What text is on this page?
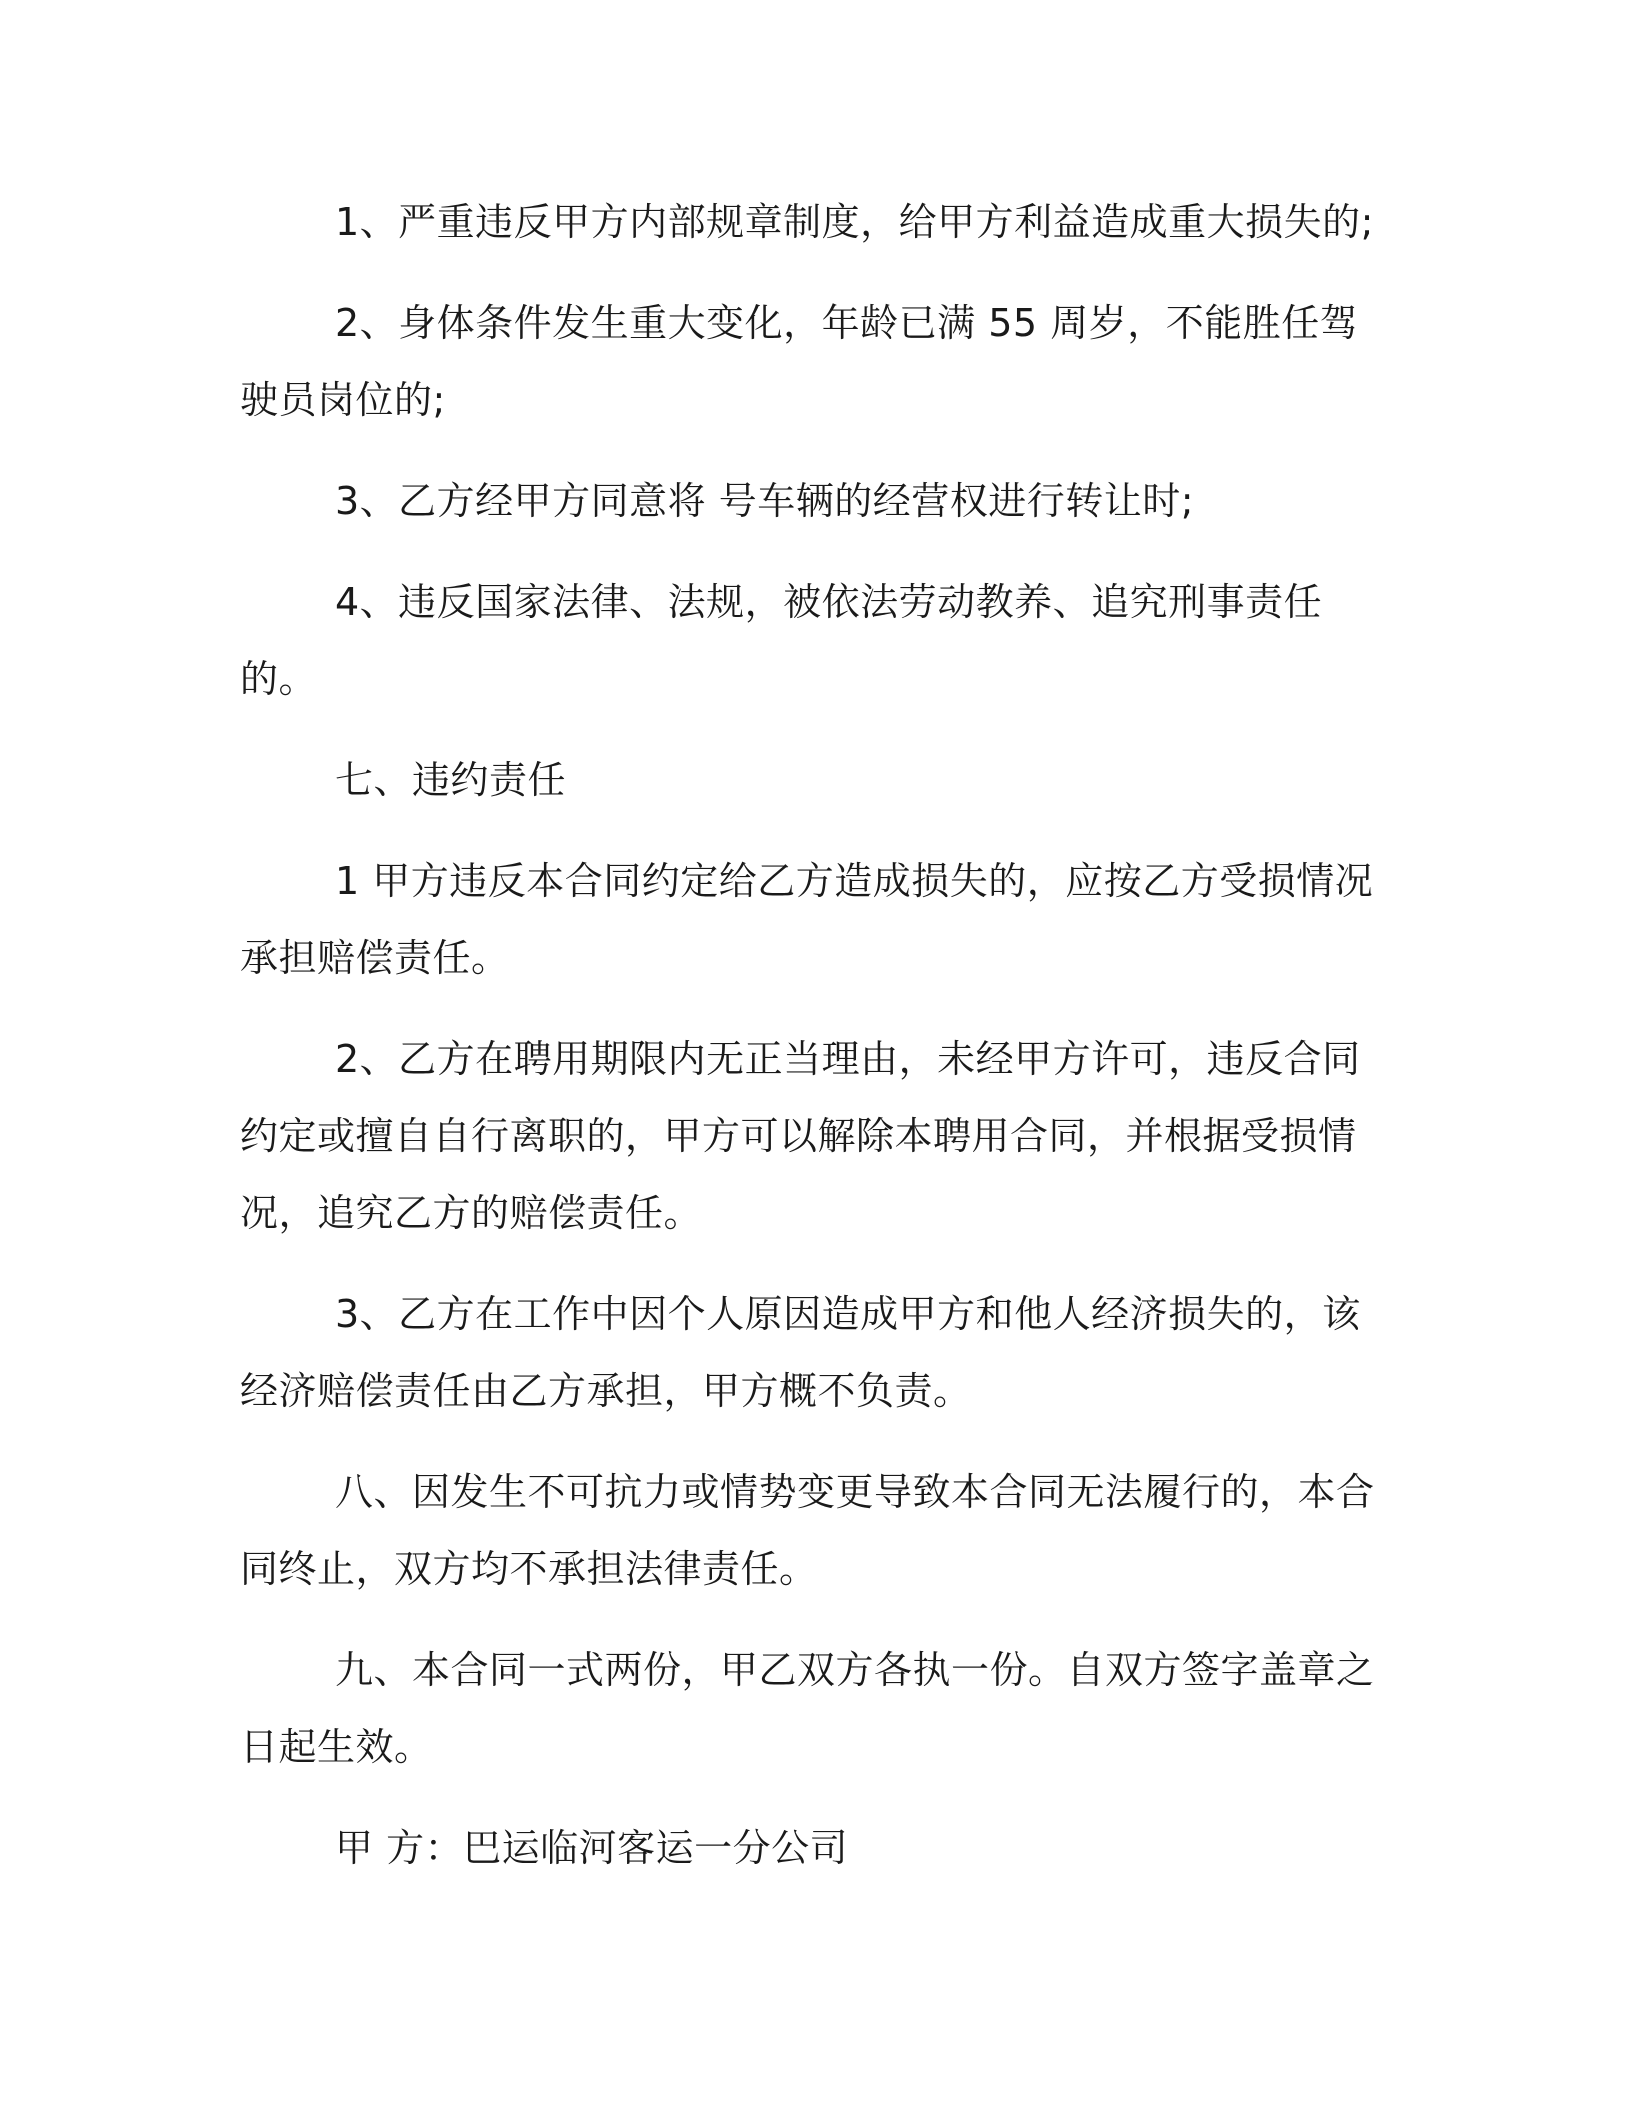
1、严重违反甲方内部规章制度，给甲方利益造成重大损失的;

2、身体条件发生重大变化，年龄已满 55 周岁，不能胜任驾驶员岗位的;

3、乙方经甲方同意将 号车辆的经营权进行转让时;

4、违反国家法律、法规，被依法劳动教养、追究刑事责任的。

七、违约责任

1 甲方违反本合同约定给乙方造成损失的，应按乙方受损情况承担赔偿责任。

2、乙方在聘用期限内无正当理由，未经甲方许可，违反合同约定或擅自自行离职的，甲方可以解除本聘用合同，并根据受损情况，追究乙方的赔偿责任。

3、乙方在工作中因个人原因造成甲方和他人经济损失的，该经济赔偿责任由乙方承担，甲方概不负责。

八、因发生不可抗力或情势变更导致本合同无法履行的，本合同终止，双方均不承担法律责任。

九、本合同一式两份，甲乙双方各执一份。自双方签字盖章之日起生效。

甲 方：巴运临河客运一分公司
